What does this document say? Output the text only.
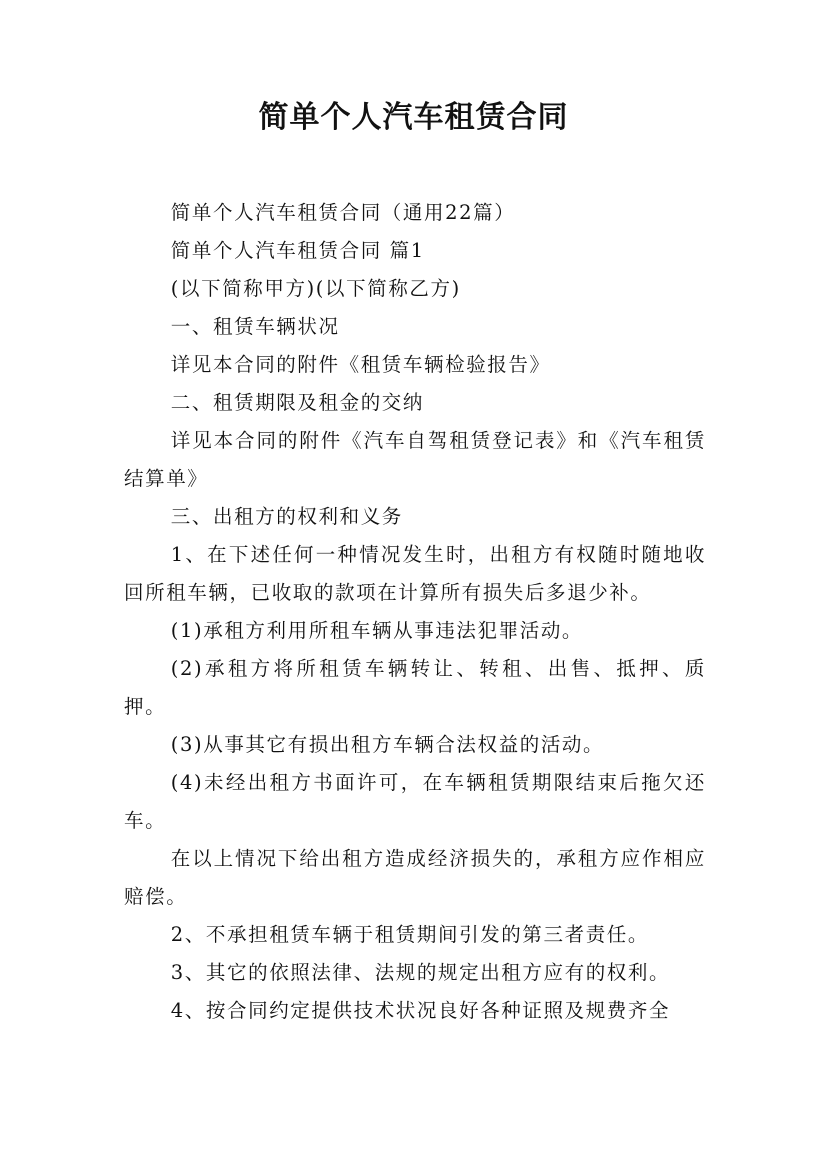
简单个人汽车租赁合同

简单个人汽车租赁合同（通用22篇）

简单个人汽车租赁合同 篇1

(以下简称甲方)(以下简称乙方)

一、租赁车辆状况

详见本合同的附件《租赁车辆检验报告》

二、租赁期限及租金的交纳

详见本合同的附件《汽车自驾租赁登记表》和《汽车租赁结算单》

三、出租方的权利和义务

1、在下述任何一种情况发生时，出租方有权随时随地收回所租车辆，已收取的款项在计算所有损失后多退少补。

(1)承租方利用所租车辆从事违法犯罪活动。

(2)承租方将所租赁车辆转让、转租、出售、抵押、质押。

(3)从事其它有损出租方车辆合法权益的活动。

(4)未经出租方书面许可，在车辆租赁期限结束后拖欠还车。

在以上情况下给出租方造成经济损失的，承租方应作相应赔偿。

2、不承担租赁车辆于租赁期间引发的第三者责任。

3、其它的依照法律、法规的规定出租方应有的权利。

4、按合同约定提供技术状况良好各种证照及规费齐全
